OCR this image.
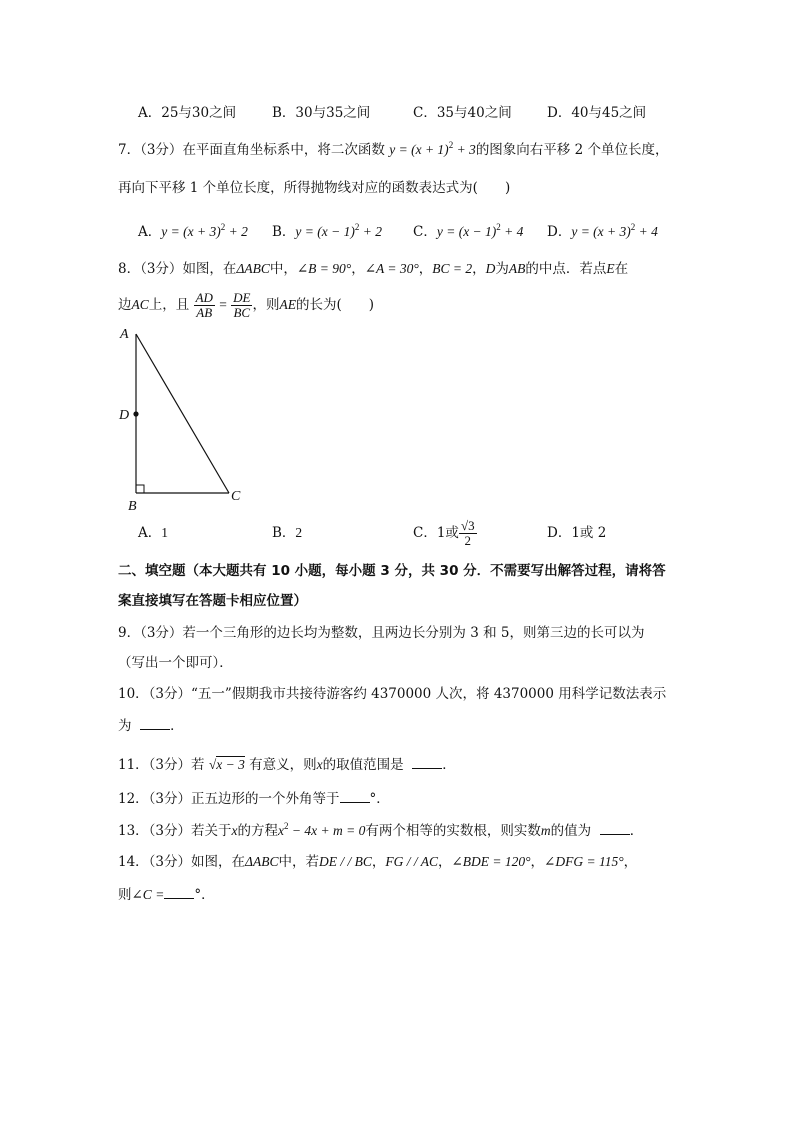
A．25与30之间	B．30与35之间	C．35与40之间	D．40与45之间
7．（3分）在平面直角坐标系中，将二次函数 $y = (x + 1)^2 + 3$的图象向右平移 2 个单位长度，
再向下平移 1 个单位长度，所得抛物线对应的函数表达式为(　　)
A．$y = (x + 3)^2 + 2$ B．$y = (x - 1)^2 + 2$ C．$y = (x - 1)^2 + 4$ D．$y = (x + 3)^2 + 4$
8．（3分）如图，在ΔABC中，∠B = 90°，∠A = 30°，BC = 2，D为AB的中点．若点E在
边AC上，且 $\frac{AD}{AB} = \frac{DE}{BC}$ ，则AE的长为(　　)
A
D
B
C
A．1	B．2	C．1或 $\frac{√3}{2}$	D．1或 2
二、填空题（本大题共有 10 小题，每小题 3 分，共 30 分．不需要写出解答过程，请将答
案直接填写在答题卡相应位置）
9．（3分）若一个三角形的边长均为整数，且两边长分别为 3 和 5，则第三边的长可以为
（写出一个即可）．
10．（3分）“五一”假期我市共接待游客约 4370000 人次，将 4370000 用科学记数法表示
为	．
11．（3分）若 √x − 3 有意义，则x的取值范围是	．
12．（3分）正五边形的一个外角等于 °．
13．（3分）若关于x的方程$x^2 - 4x + m = 0$有两个相等的实数根，则实数m的值为	．
14．（3分）如图，在ΔABC中，若DE / / BC，FG / / AC，∠BDE = 120°，∠DFG = 115°，
则∠C = °．
